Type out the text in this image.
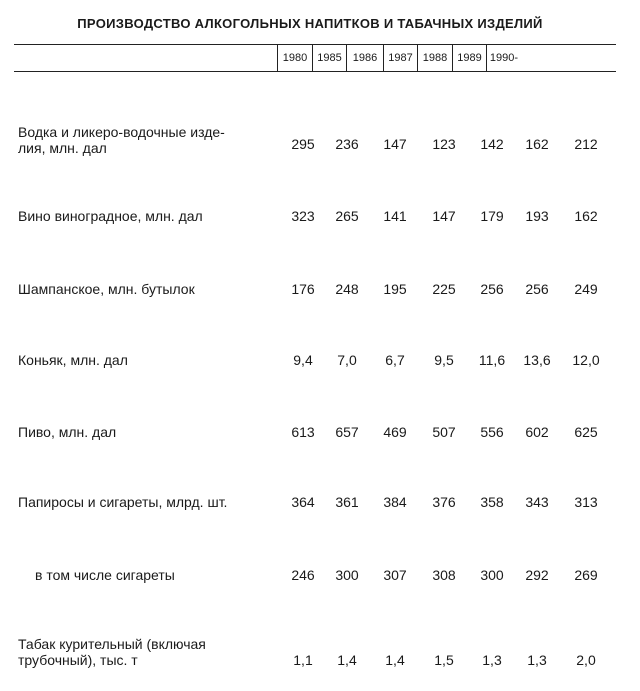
ПРОИЗВОДСТВО АЛКОГОЛЬНЫХ НАПИТКОВ И ТАБАЧНЫХ ИЗДЕЛИЙ
1980 1985	1986	1987 1988 1989 1990-
Водка и ликеро-водочные изде-
лия, млн. дал	295	236	147	123	142	162	212
Вино виноградное, млн. дал	323	265	141	147	179	193	162
Шампанское, млн. бутылок	176	248	195	225	256	256	249
Коньяк, млн. дал	9,4	7,0	6,7	9,5	11,6	13,6	12,0
Пиво, млн. дал	613	657	469	507	556	602	625
Папиросы и сигареты, млрд. шт.	364	361	384	376	358	343	313
в том числе сигареты	246	300	307	308	300	292	269
Табак курительный (включая
трубочный), тыс. т	1,1	1,4	1,4	1,5	1,3	1,3	2,0
